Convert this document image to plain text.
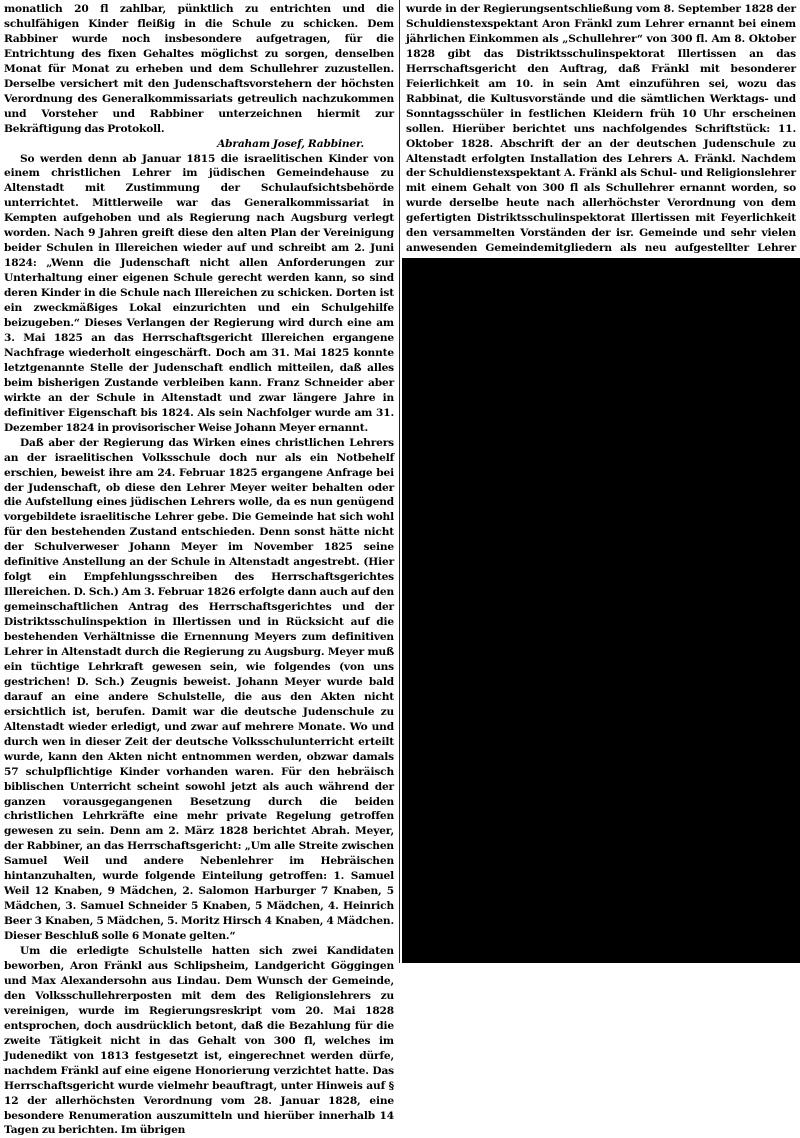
monatlich 20 fl zahlbar, pünktlich zu entrichten und die schulfähigen Kinder fleißig in die Schule zu schicken. Dem Rabbiner wurde noch insbesondere aufgetragen, für die Entrichtung des fixen Gehaltes möglichst zu sorgen, denselben Monat für Monat zu erheben und dem Schullehrer zuzustellen. Derselbe versichert mit den Judenschaftsvorstehern der höchsten Verordnung des Generalkommissariats getreulich nachzukommen und Vorsteher und Rabbiner unterzeichnen hiermit zur Bekräftigung das Protokoll.

Abraham Josef, Rabbiner.

So werden denn ab Januar 1815 die israelitischen Kinder von einem christlichen Lehrer im jüdischen Gemeindehause zu Altenstadt mit Zustimmung der Schulaufsichtsbehörde unterrichtet. Mittlerweile war das Generalkommissariat in Kempten aufgehoben und als Regierung nach Augsburg verlegt worden. Nach 9 Jahren greift diese den alten Plan der Vereinigung beider Schulen in Illereichen wieder auf und schreibt am 2. Juni 1824: „Wenn die Judenschaft nicht allen Anforderungen zur Unterhaltung einer eigenen Schule gerecht werden kann, so sind deren Kinder in die Schule nach Illereichen zu schicken. Dorten ist ein zweckmäßiges Lokal einzurichten und ein Schulgehilfe beizugeben.“ Dieses Verlangen der Regierung wird durch eine am 3. Mai 1825 an das Herrschaftsgericht Illereichen ergangene Nachfrage wiederholt eingeschärft. Doch am 31. Mai 1825 konnte letztgenannte Stelle der Judenschaft endlich mitteilen, daß alles beim bisherigen Zustande verbleiben kann. Franz Schneider aber wirkte an der Schule in Altenstadt und zwar längere Jahre in definitiver Eigenschaft bis 1824. Als sein Nachfolger wurde am 31. Dezember 1824 in provisorischer Weise Johann Meyer ernannt.

Daß aber der Regierung das Wirken eines christlichen Lehrers an der israelitischen Volksschule doch nur als ein Notbehelf erschien, beweist ihre am 24. Februar 1825 ergangene Anfrage bei der Judenschaft, ob diese den Lehrer Meyer weiter behalten oder die Aufstellung eines jüdischen Lehrers wolle, da es nun genügend vorgebildete israelitische Lehrer gebe. Die Gemeinde hat sich wohl für den bestehenden Zustand entschieden. Denn sonst hätte nicht der Schulverweser Johann Meyer im November 1825 seine definitive Anstellung an der Schule in Altenstadt angestrebt. (Hier folgt ein Empfehlungsschreiben des Herrschaftsgerichtes Illereichen. D. Sch.) Am 3. Februar 1826 erfolgte dann auch auf den gemeinschaftlichen Antrag des Herrschaftsgerichtes und der Distriktsschulinspektion in Illertissen und in Rücksicht auf die bestehenden Verhältnisse die Ernennung Meyers zum definitiven Lehrer in Altenstadt durch die Regierung zu Augsburg. Meyer muß ein tüchtige Lehrkraft gewesen sein, wie folgendes (von uns gestrichen! D. Sch.) Zeugnis beweist. Johann Meyer wurde bald darauf an eine andere Schulstelle, die aus den Akten nicht ersichtlich ist, berufen. Damit war die deutsche Judenschule zu Altenstadt wieder erledigt, und zwar auf mehrere Monate. Wo und durch wen in dieser Zeit der deutsche Volksschulunterricht erteilt wurde, kann den Akten nicht entnommen werden, obzwar damals 57 schulpflichtige Kinder vorhanden waren. Für den hebräisch biblischen Unterricht scheint sowohl jetzt als auch während der ganzen vorausgegangenen Besetzung durch die beiden christlichen Lehrkräfte eine mehr private Regelung getroffen gewesen zu sein. Denn am 2. März 1828 berichtet Abrah. Meyer, der Rabbiner, an das Herrschaftsgericht: „Um alle Streite zwischen Samuel Weil und andere Nebenlehrer im Hebräischen hintanzuhalten, wurde folgende Einteilung getroffen: 1. Samuel Weil 12 Knaben, 9 Mädchen, 2. Salomon Harburger 7 Knaben, 5 Mädchen, 3. Samuel Schneider 5 Knaben, 5 Mädchen, 4. Heinrich Beer 3 Knaben, 5 Mädchen, 5. Moritz Hirsch 4 Knaben, 4 Mädchen. Dieser Beschluß solle 6 Monate gelten.“

Um die erledigte Schulstelle hatten sich zwei Kandidaten beworben, Aron Fränkl aus Schlipsheim, Landgericht Göggingen und Max Alexandersohn aus Lindau. Dem Wunsch der Gemeinde, den Volksschullehrerposten mit dem des Religionslehrers zu vereinigen, wurde im Regierungsreskript vom 20. Mai 1828 entsprochen, doch ausdrücklich betont, daß die Bezahlung für die zweite Tätigkeit nicht in das Gehalt von 300 fl, welches im Judenedikt von 1813 festgesetzt ist, eingerechnet werden dürfe, nachdem Fränkl auf eine eigene Honorierung verzichtet hatte. Das Herrschaftsgericht wurde vielmehr beauftragt, unter Hinweis auf § 12 der allerhöchsten Verordnung vom 28. Januar 1828, eine besondere Renumeration auszumitteln und hierüber innerhalb 14 Tagen zu berichten. Im übrigen

wurde in der Regierungsentschließung vom 8. September 1828 der Schuldienstexspektant Aron Fränkl zum Lehrer ernannt bei einem jährlichen Einkommen als „Schullehrer“ von 300 fl. Am 8. Oktober 1828 gibt das Distriktsschulinspektorat Illertissen an das Herrschaftsgericht den Auftrag, daß Fränkl mit besonderer Feierlichkeit am 10. in sein Amt einzuführen sei, wozu das Rabbinat, die Kultusvorstände und die sämtlichen Werktags- und Sonntagsschüler in festlichen Kleidern früh 10 Uhr erscheinen sollen. Hierüber berichtet uns nachfolgendes Schriftstück: 11. Oktober 1828. Abschrift der an der deutschen Judenschule zu Altenstadt erfolgten Installation des Lehrers A. Fränkl. Nachdem der Schuldienstexspektant A. Fränkl als Schul- und Religionslehrer mit einem Gehalt von 300 fl als Schullehrer ernannt worden, so wurde derselbe heute nach allerhöchster Verordnung von dem gefertigten Distriktsschulinspektorat Illertissen mit Feyerlichkeit den versammelten Vorständen der isr. Gemeinde und sehr vielen anwesenden Gemeindemitgliedern als neu aufgestellter Lehrer
